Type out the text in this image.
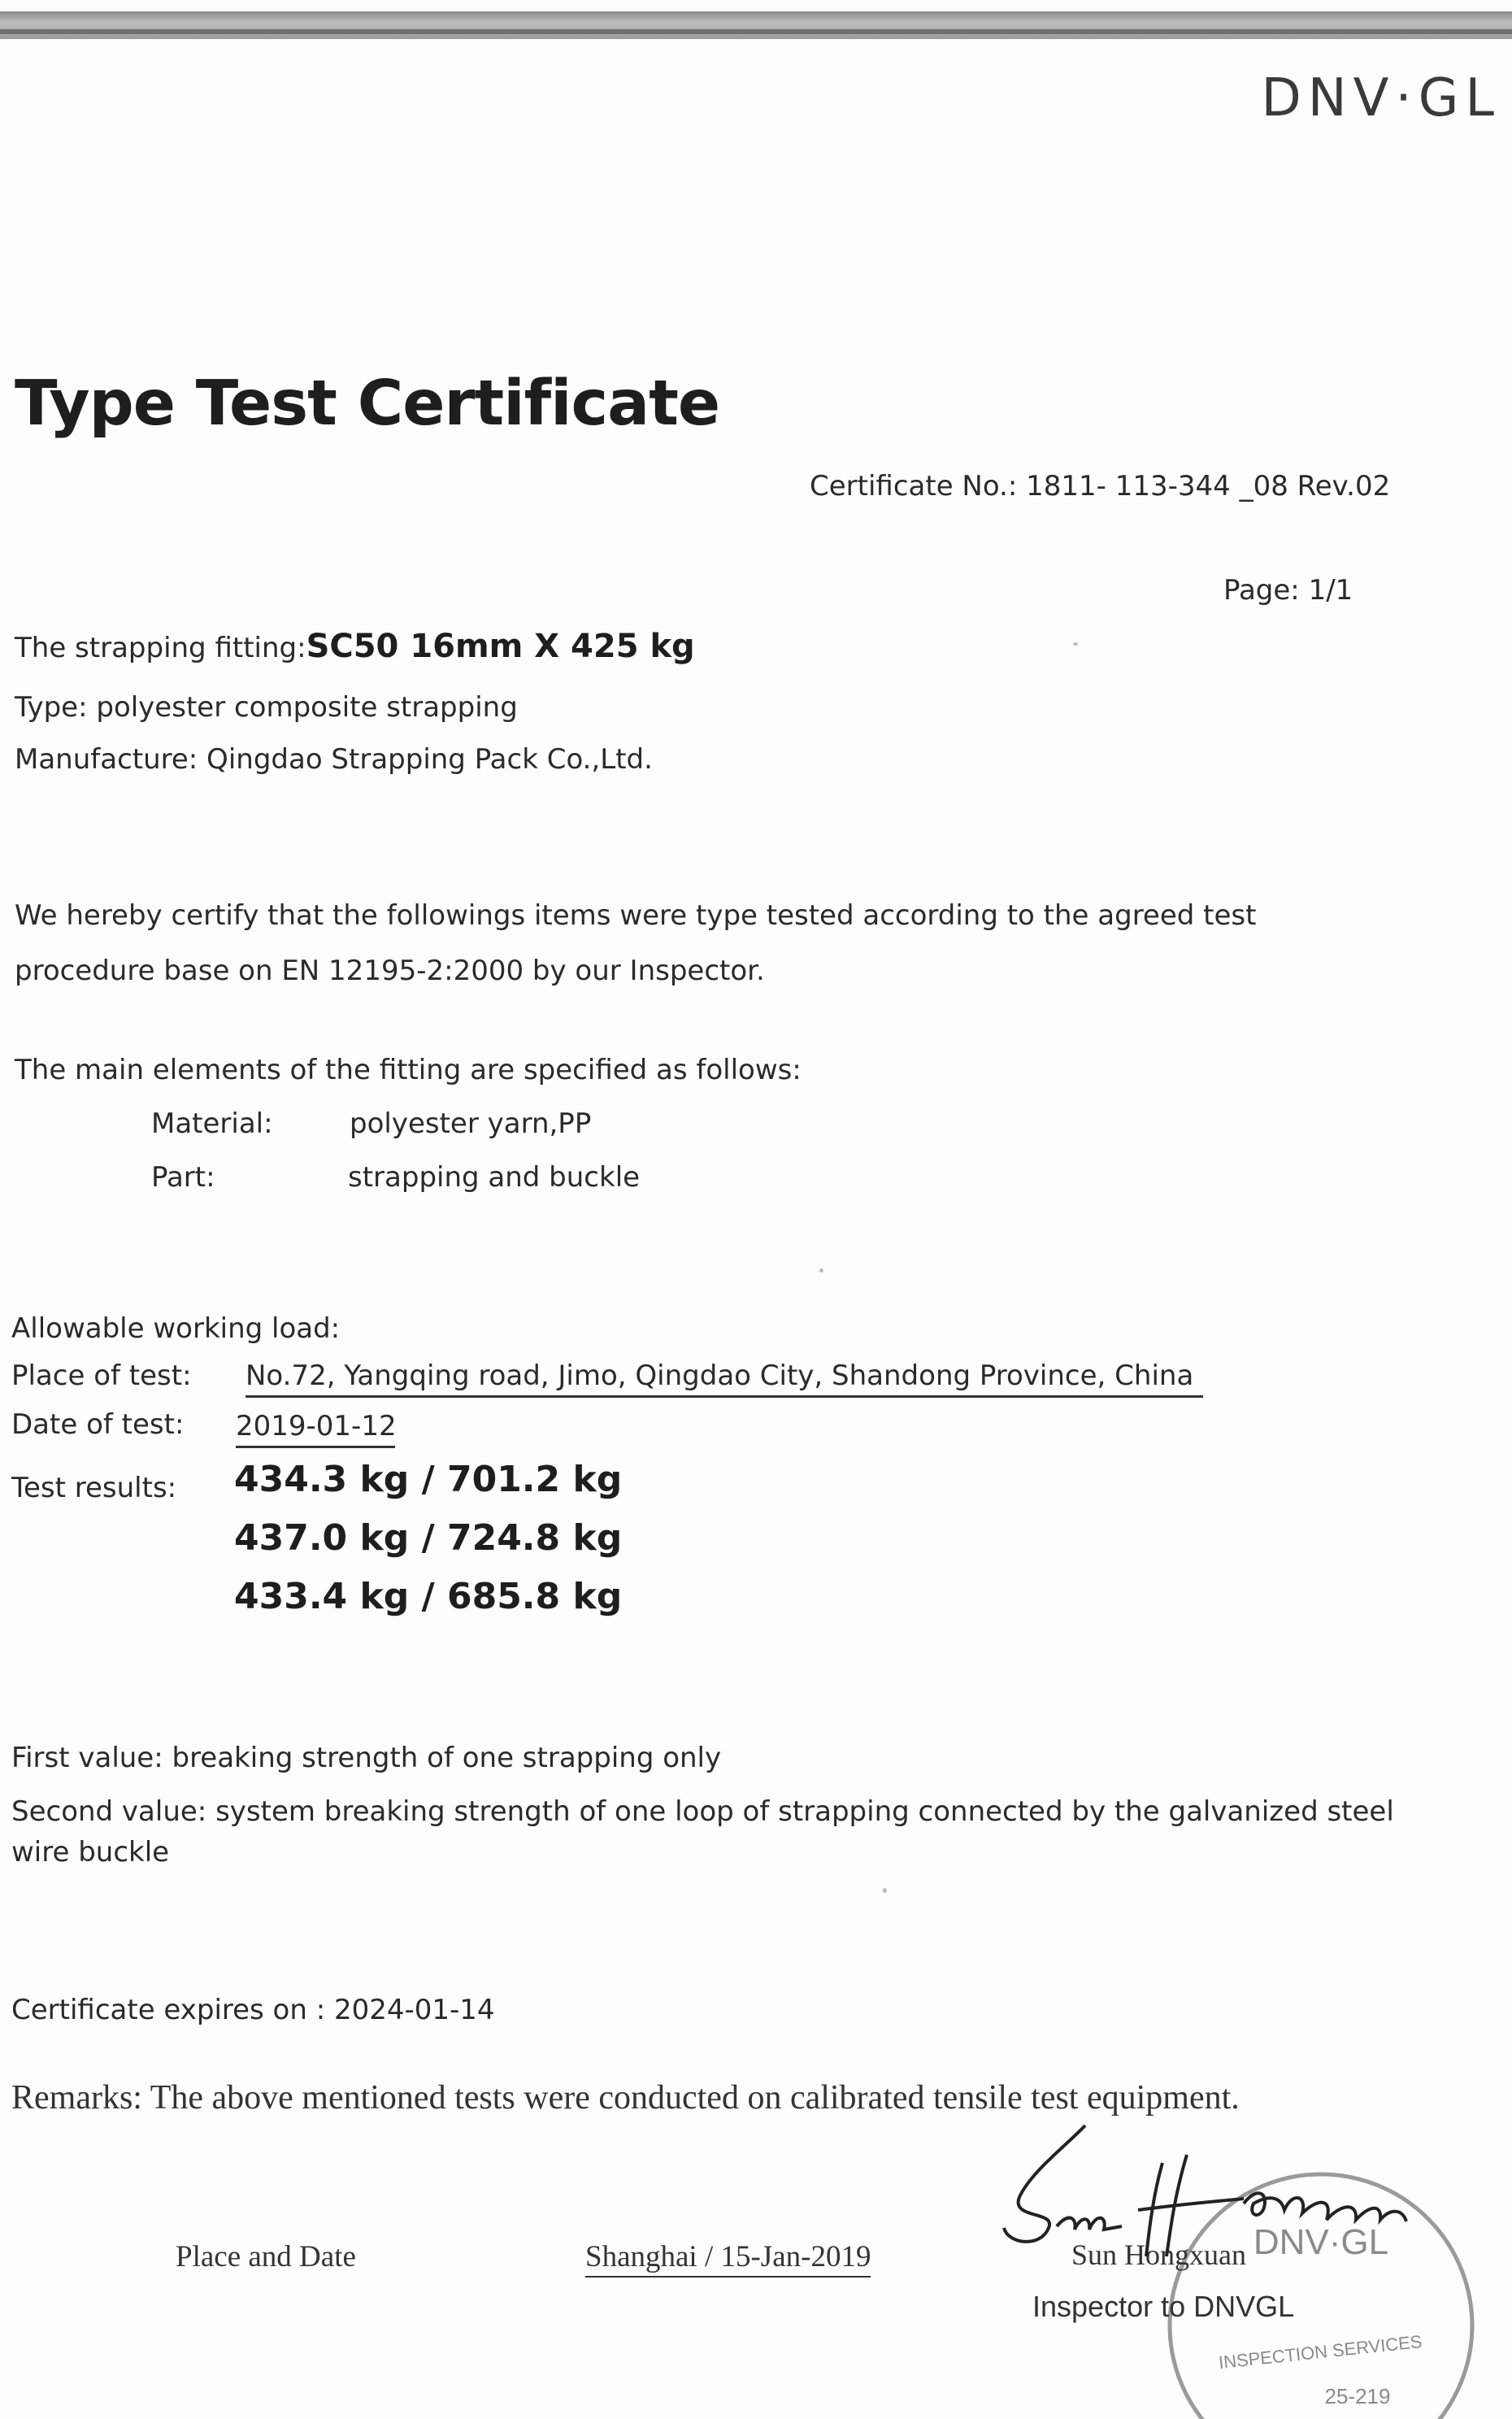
DNV·GL
Type Test Certificate
Certificate No.: 1811- 113-344 _08 Rev.02
Page: 1/1
The strapping fitting:SC50 16mm X 425 kg
Type: polyester composite strapping
Manufacture: Qingdao Strapping Pack Co.,Ltd.
We hereby certify that the followings items were type tested according to the agreed test
procedure base on EN 12195-2:2000 by our Inspector.
The main elements of the fitting are specified as follows:
Material:	polyester yarn,PP
Part:	strapping and buckle
Allowable working load:
Place of test: No.72, Yangqing road, Jimo, Qingdao City, Shandong Province, China
Date of test: 2019-01-12
Test results: 434.3 kg / 701.2 kg
437.0 kg / 724.8 kg
433.4 kg / 685.8 kg
First value: breaking strength of one strapping only
Second value: system breaking strength of one loop of strapping connected by the galvanized steel
wire buckle
Certificate expires on : 2024-01-14
Remarks: The above mentioned tests were conducted on calibrated tensile test equipment.
Place and Date	Shanghai / 15-Jan-2019	DNV·GL
INSPECTION SERVICES
25-219
Sun Hongxuan
Inspector to DNVGL
